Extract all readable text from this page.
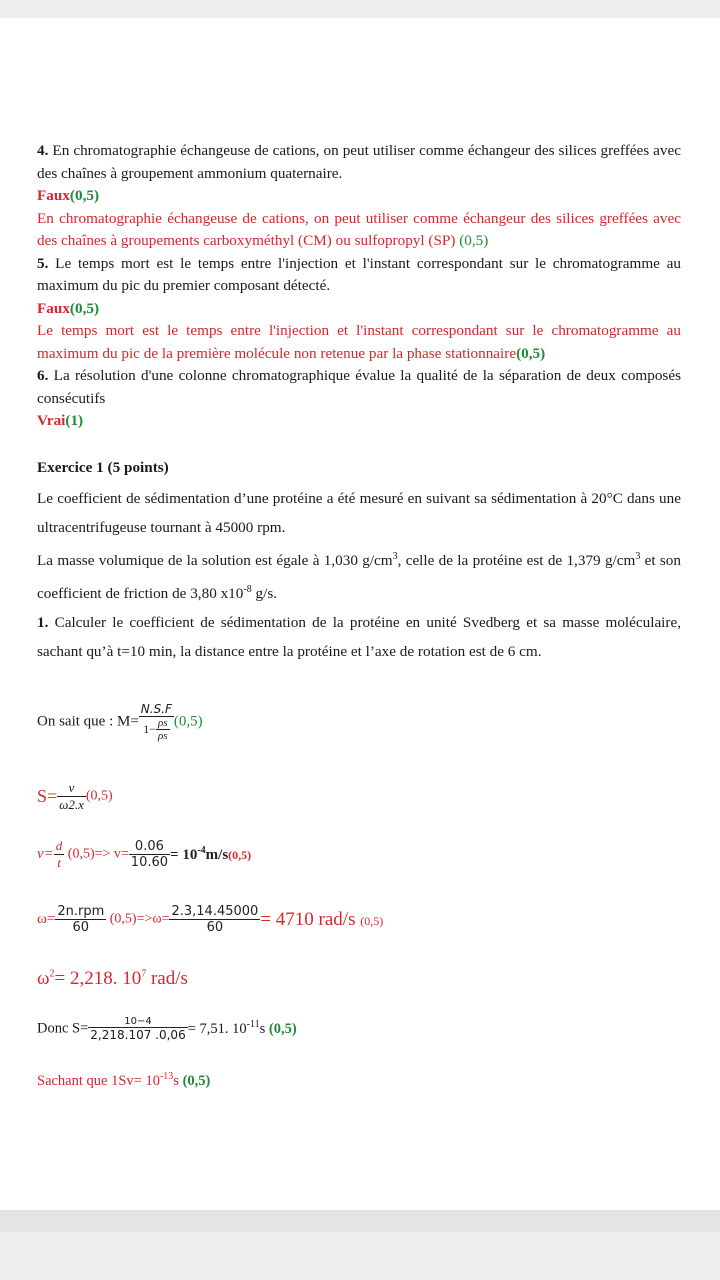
4. En chromatographie échangeuse de cations, on peut utiliser comme échangeur des silices greffées avec des chaînes à groupement ammonium quaternaire.

Faux(0,5)

En chromatographie échangeuse de cations, on peut utiliser comme échangeur des silices greffées avec des chaînes à groupements carboxyméthyl (CM) ou sulfopropyl (SP) (0,5)

5. Le temps mort est le temps entre l'injection et l'instant correspondant sur le chromatogramme au maximum du pic du premier composant détecté.

Faux(0,5)

Le temps mort est le temps entre l'injection et l'instant correspondant sur le chromatogramme au maximum du pic de la première molécule non retenue par la phase stationnaire(0,5)

6. La résolution d'une colonne chromatographique évalue la qualité de la séparation de deux composés consécutifs

Vrai(1)

Exercice 1 (5 points)

Le coefficient de sédimentation d’une protéine a été mesuré en suivant sa sédimentation à 20°C dans une ultracentrifugeuse tournant à 45000 rpm.

La masse volumique de la solution est égale à 1,030 $g/cm^3$, celle de la protéine est de 1,379 $g/cm^3$ et son coefficient de friction de 3,80 $x10^{-8}$ g/s.

1. Calculer le coefficient de sédimentation de la protéine en unité Svedberg et sa masse moléculaire, sachant qu’à t=10 min, la distance entre la protéine et l’axe de rotation est de 6 cm.

On sait que : $M= \frac{N.S.F}{1- \frac{\rho s}{\rho s}} (0,5)$
$S= \frac{v}{\omega 2.x} (0,5)$
$v= \frac{d}{t} (0,5)=> v= \frac{0.06}{10.60} = 10^{-4}m/s(0,5)$
$\omega= \frac{\text{2n.rpm}}{60} (0,5)=>\omega= \frac{2.3,14.45000}{60} = 4710$ rad/s (0,5)
$\omega^2= 2,218$. $10^7$ rad/s
Donc $S= \frac{10-4}{2,218.107 .0,06} = 7,51$. $10^{-11}s$ (0,5)
Sachant que $1Sv= 10^{-13}s$ (0,5)
